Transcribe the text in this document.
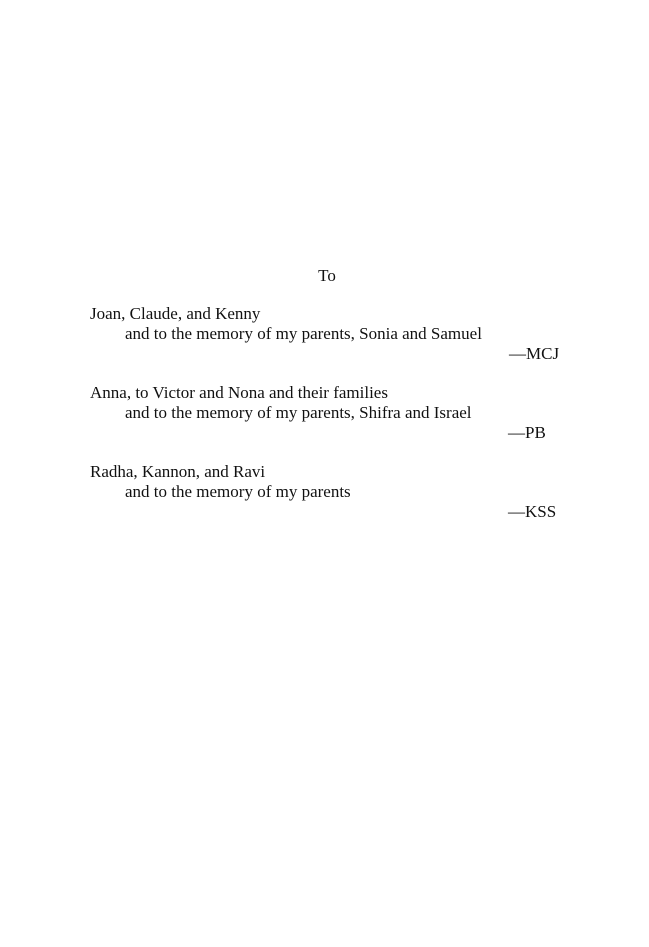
To
Joan, Claude, and Kenny
and to the memory of my parents, Sonia and Samuel
—MCJ
Anna, to Victor and Nona and their families
and to the memory of my parents, Shifra and Israel
—PB
Radha, Kannon, and Ravi
and to the memory of my parents
—KSS
